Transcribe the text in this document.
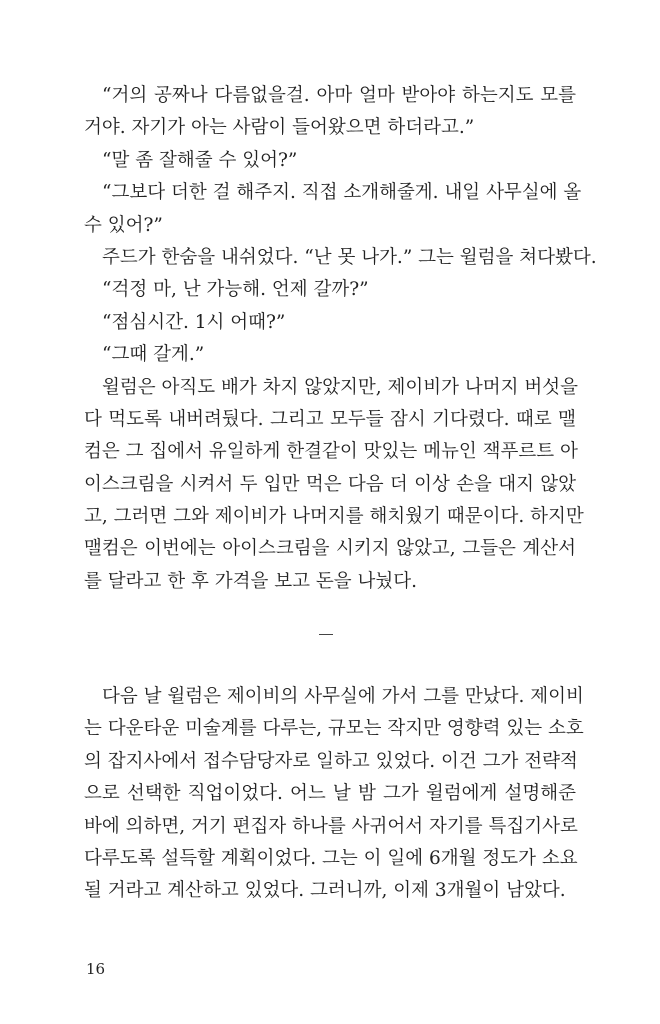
“거의 공짜나 다름없을걸. 아마 얼마 받아야 하는지도 모를
거야. 자기가 아는 사람이 들어왔으면 하더라고.”
“말 좀 잘해줄 수 있어?”
“그보다 더한 걸 해주지. 직접 소개해줄게. 내일 사무실에 올
수 있어?”
주드가 한숨을 내쉬었다. “난 못 나가.” 그는 윌럼을 쳐다봤다.
“걱정 마, 난 가능해. 언제 갈까?”
“점심시간. 1시 어때?”
“그때 갈게.”
윌럼은 아직도 배가 차지 않았지만, 제이비가 나머지 버섯을
다 먹도록 내버려뒀다. 그리고 모두들 잠시 기다렸다. 때로 맬
컴은 그 집에서 유일하게 한결같이 맛있는 메뉴인 잭푸르트 아
이스크림을 시켜서 두 입만 먹은 다음 더 이상 손을 대지 않았
고, 그러면 그와 제이비가 나머지를 해치웠기 때문이다. 하지만
맬컴은 이번에는 아이스크림을 시키지 않았고, 그들은 계산서
를 달라고 한 후 가격을 보고 돈을 나눴다.
다음 날 윌럼은 제이비의 사무실에 가서 그를 만났다. 제이비
는 다운타운 미술계를 다루는, 규모는 작지만 영향력 있는 소호
의 잡지사에서 접수담당자로 일하고 있었다. 이건 그가 전략적
으로 선택한 직업이었다. 어느 날 밤 그가 윌럼에게 설명해준
바에 의하면, 거기 편집자 하나를 사귀어서 자기를 특집기사로
다루도록 설득할 계획이었다. 그는 이 일에 6개월 정도가 소요
될 거라고 계산하고 있었다. 그러니까, 이제 3개월이 남았다.
16
